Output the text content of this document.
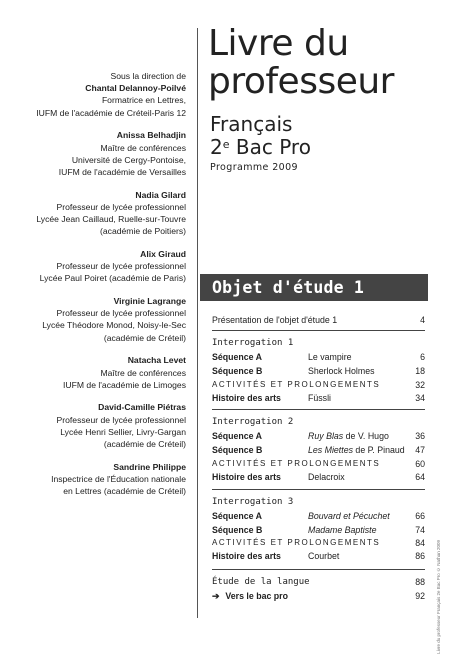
Sous la direction de
Chantal Delannoy-Poilvé
Formatrice en Lettres,
IUFM de l'académie de Créteil-Paris 12
Anissa Belhadjin
Maître de conférences
Université de Cergy-Pontoise,
IUFM de l'académie de Versailles
Nadia Gilard
Professeur de lycée professionnel
Lycée Jean Caillaud, Ruelle-sur-Touvre
(académie de Poitiers)
Alix Giraud
Professeur de lycée professionnel
Lycée Paul Poiret (académie de Paris)
Virginie Lagrange
Professeur de lycée professionnel
Lycée Théodore Monod, Noisy-le-Sec
(académie de Créteil)
Natacha Levet
Maître de conférences
IUFM de l'académie de Limoges
David-Camille Piétras
Professeur de lycée professionnel
Lycée Henri Sellier, Livry-Gargan
(académie de Créteil)
Sandrine Philippe
Inspectrice de l'Éducation nationale
en Lettres (académie de Créteil)
Livre du
professeur
Français
2e Bac Pro
Programme 2009
Objet d'étude 1
Présentation de l'objet d'étude 1	4
Interrogation 1
Séquence A	Le vampire	6
Séquence B	Sherlock Holmes	18
ACTIVITÉS ET PROLONGEMENTS	32
Histoire des arts	Füssli	34
Interrogation 2
Séquence A	Ruy Blas de V. Hugo	36
Séquence B	Les Miettes de P. Pinaud 47
ACTIVITÉS ET PROLONGEMENTS	60
Histoire des arts	Delacroix	64
Interrogation 3
Séquence A	Bouvard et Pécuchet	66
Séquence B	Madame Baptiste	74
ACTIVITÉS ET PROLONGEMENTS	84
Histoire des arts	Courbet	86
Étude de la langue	88
➔ Vers le bac pro	92 Livre du professeur Français 2e Bac Pro © Nathan 2009
